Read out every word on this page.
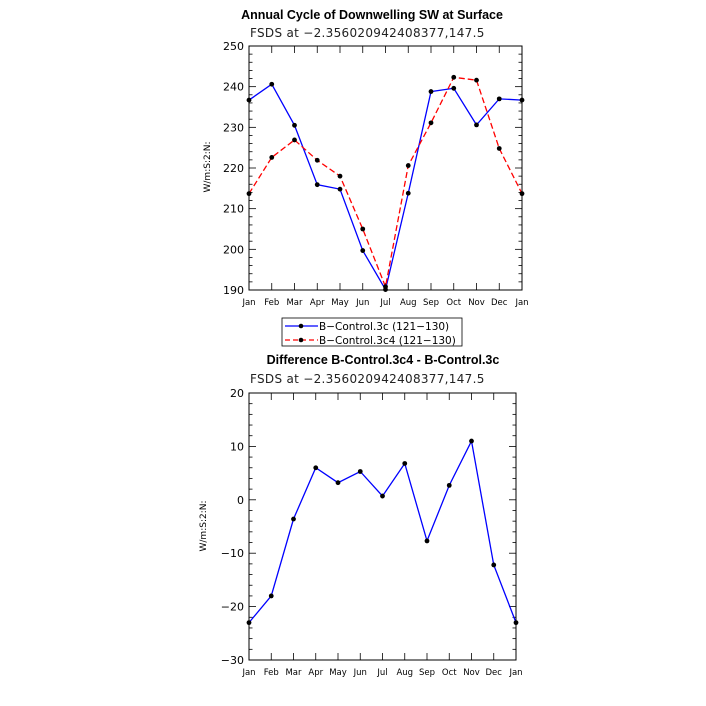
Annual Cycle of Downwelling SW at Surface
FSDS at −2.356020942408377,147.5
W/m:S:2:N:
190
200
210
220
230
240
250
Jan Feb Mar Apr May Jun Jul Aug Sep Oct Nov Dec Jan
B−Control.3c (121−130)
B−Control.3c4 (121−130)
Difference B-Control.3c4 - B-Control.3c
FSDS at −2.356020942408377,147.5
W/m:S:2:N:
−30
−20
−10
0
10
20
Jan Feb Mar Apr May Jun Jul Aug Sep Oct Nov Dec Jan
